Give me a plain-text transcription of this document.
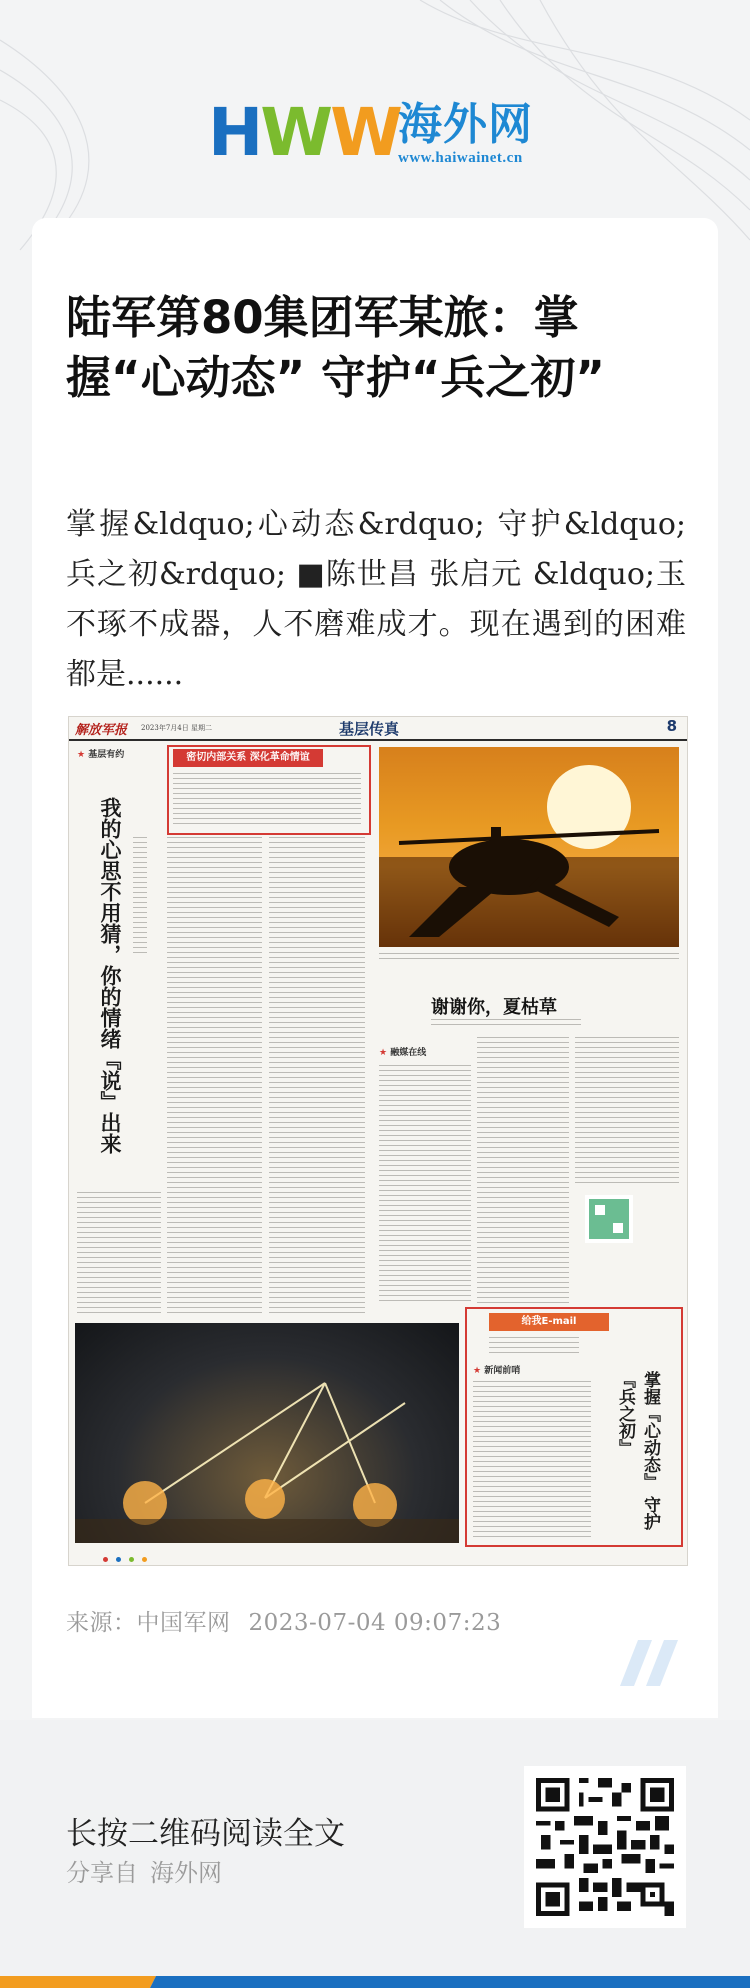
HWW
海外网
www.haiwainet.cn
陆军第80集团军某旅：掌握“心动态” 守护“兵之初”

掌握&ldquo;心动态&rdquo; 守护&ldquo;兵之初&rdquo; ■陈世昌 张启元 &ldquo;玉不琢不成器，人不磨难成才。现在遇到的困难都是......

解放军报 2023年7月4日 星期二	基层传真	8
★ 基层有约	密切内部关系 深化革命情谊
我的心思不用猜，你的情绪『说』出来	谢谢你，夏枯草
★ 融媒在线
给我E-mail
★ 新闻前哨	掌握『心动态』 守护『兵之初』

来源：中国军网 2023-07-04 09:07:23
长按二维码阅读全文
分享自 海外网
